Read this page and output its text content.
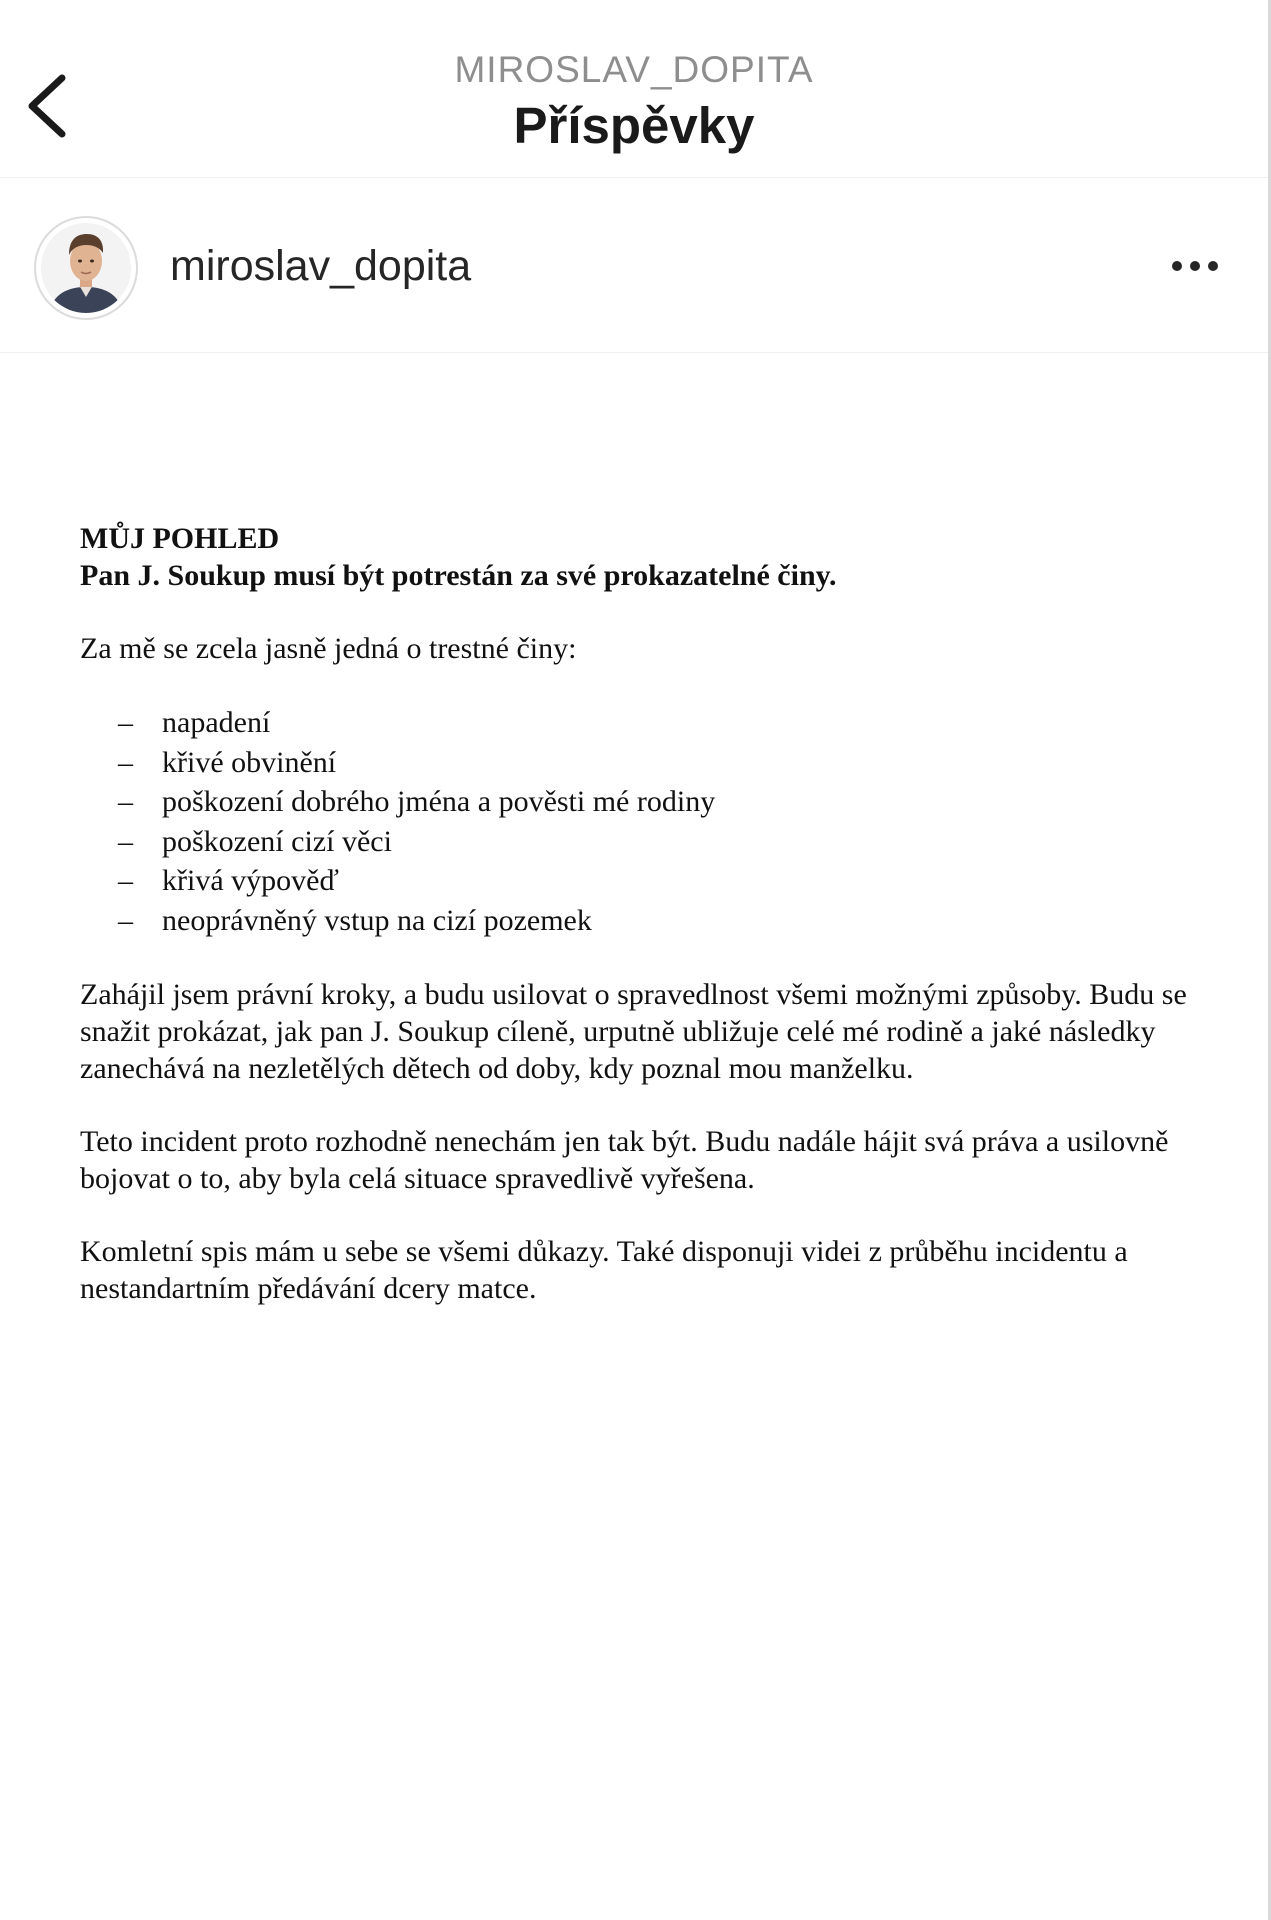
MIROSLAV_DOPITA
Příspěvky
miroslav_dopita

MŮJ POHLED

Pan J. Soukup musí být potrestán za své prokazatelné činy.

Za mě se zcela jasně jedná o trestné činy:

– napadení
– křivé obvinění
– poškození dobrého jména a pověsti mé rodiny
– poškození cizí věci
– křivá výpověď
– neoprávněný vstup na cizí pozemek

Zahájil jsem právní kroky, a budu usilovat o spravedlnost všemi možnými způsoby. Budu se snažit prokázat, jak pan J. Soukup cíleně, urputně ubližuje celé mé rodině a jaké následky zanechává na nezletělých dětech od doby, kdy poznal mou manželku.

Teto incident proto rozhodně nenechám jen tak být. Budu nadále hájit svá práva a usilovně bojovat o to, aby byla celá situace spravedlivě vyřešena.

Komletní spis mám u sebe se všemi důkazy. Také disponuji videi z průběhu incidentu a nestandartním předávání dcery matce.
